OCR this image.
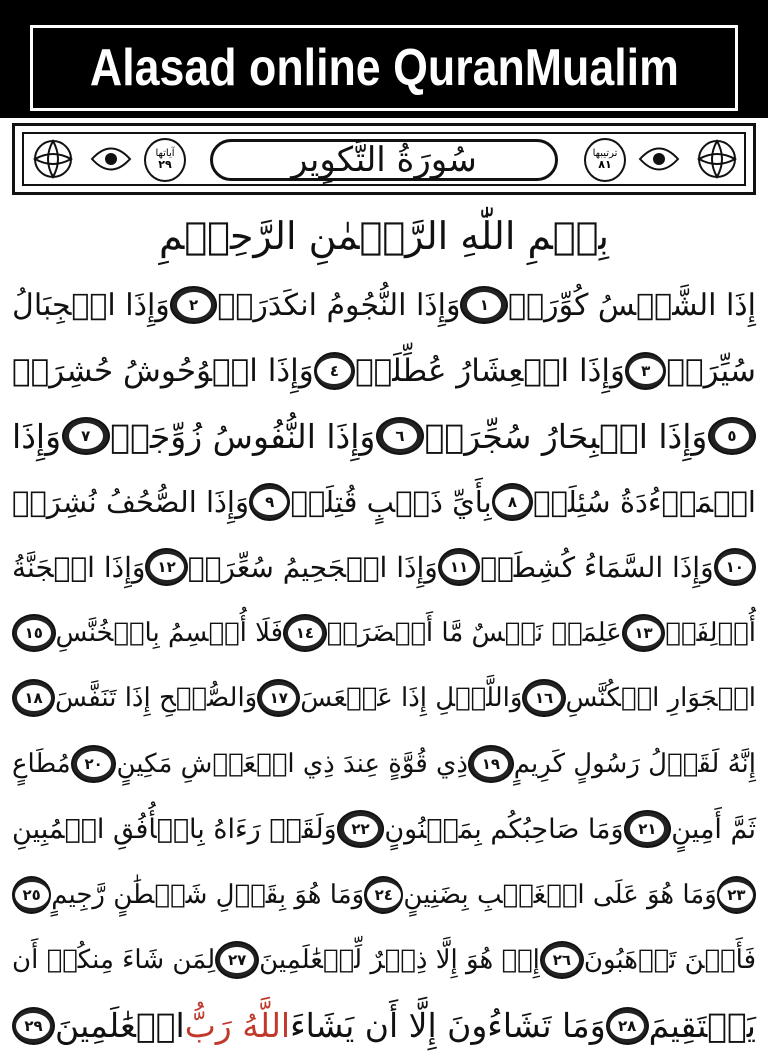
Alasad online QuranMualim
آياتها
٢٩	سُورَةُ التَّكوِير	ترتيبها
٨١
بِسۡمِ اللّٰهِ الرَّحۡمٰنِ الرَّحِيۡمِ
إِذَا الشَّمۡسُ كُوِّرَتۡ
١
وَإِذَا النُّجُومُ انكَدَرَتۡ
٢
وَإِذَا الۡجِبَالُ
سُيِّرَتۡ
٣
وَإِذَا الۡعِشَارُ عُطِّلَتۡ
٤
وَإِذَا الۡوُحُوشُ حُشِرَتۡ
٥
وَإِذَا الۡبِحَارُ سُجِّرَتۡ
٦
وَإِذَا النُّفُوسُ زُوِّجَتۡ
٧
وَإِذَا
الۡمَوۡءُدَةُ سُئِلَتۡ
٨
بِأَيِّ ذَنۢبٍ قُتِلَتۡ
٩
وَإِذَا الصُّحُفُ نُشِرَتۡ
١٠
وَإِذَا السَّمَاءُ كُشِطَتۡ
١١
وَإِذَا الۡجَحِيمُ سُعِّرَتۡ
١٢
وَإِذَا الۡجَنَّةُ
أُزۡلِفَتۡ
١٣
عَلِمَتۡ نَفۡسٌ مَّا أَحۡضَرَتۡ
١٤
فَلَا أُقۡسِمُ بِالۡخُنَّسِ
١٥
الۡجَوَارِ الۡكُنَّسِ
١٦
وَاللَّيۡلِ إِذَا عَسۡعَسَ
١٧
وَالصُّبۡحِ إِذَا تَنَفَّسَ
١٨
إِنَّهُ لَقَوۡلُ رَسُولٍ كَرِيمٍ
١٩
ذِي قُوَّةٍ عِندَ ذِي الۡعَرۡشِ مَكِينٍ
٢٠
مُطَاعٍ
ثَمَّ أَمِينٍ
٢١
وَمَا صَاحِبُكُم بِمَجۡنُونٍ
٢٢
وَلَقَدۡ رَءَاهُ بِالۡأُفُقِ الۡمُبِينِ
٢٣
وَمَا هُوَ عَلَى الۡغَيۡبِ بِضَنِينٍ
٢٤
وَمَا هُوَ بِقَوۡلِ شَيۡطَٰنٍ رَّجِيمٍ
٢٥
فَأَيۡنَ تَذۡهَبُونَ
٢٦
إِنۡ هُوَ إِلَّا ذِكۡرٌ لِّلۡعَٰلَمِينَ
٢٧
لِمَن شَاءَ مِنكُمۡ أَن
يَسۡتَقِيمَ
٢٨
وَمَا تَشَاءُونَ إِلَّا أَن يَشَاءَ
اللَّهُ رَبُّ
الۡعَٰلَمِينَ
٢٩
